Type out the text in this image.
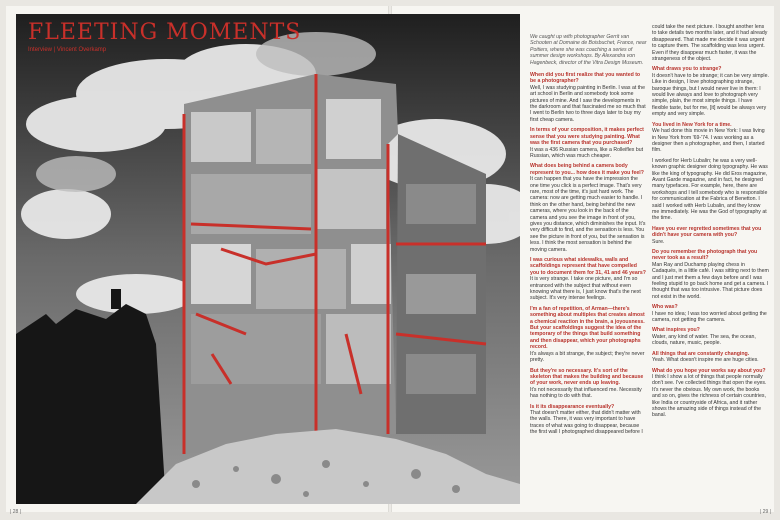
FLEETING MOMENTS
Interview | Vincent Overkamp

We caught up with photographer Gerrit van Schooten at Domaine de Boisbuchet, France, near Poitiers, where she was coaching a series of summer design workshops. By Alexandra von Hagenbeck, director of the Vitra Design Museum.

When did you first realize that you wanted to be a photographer?

Well, I was studying painting in Berlin. I was at the art school in Berlin and somebody took some pictures of mine. And I saw the developments in the darkroom and that fascinated me so much that I went to Berlin two to three days later to buy my first cheap camera.

In terms of your composition, it makes perfect sense that you were studying painting. What was the first camera that you purchased?

It was a 436 Russian camera, like a Rolleiflex but Russian, which was much cheaper.

What does being behind a camera body represent to you... how does it make you feel?

It can happen that you have the impression the one time you click is a perfect image. That's very rare, most of the time, it's just hard work. The camera: now are getting much easier to handle. I think on the other hand, being behind the new cameras, where you look in the back of the camera and you see the image in front of you, gives you distance, which diminishes the input. It's very difficult to find, and the sensation is less. You see the picture in front of you, but the sensation is less. I think the most sensation is behind the moving camera.

I was curious what sidewalks, walls and scaffoldings represent that have compelled you to document them for 31, 41 and 46 years?

It is very strange. I take one picture, and I'm so entranced with the subject that without even knowing what there is, I just know that's the next subject. It's very intense feelings.

I'm a fan of repetition, of Arman—there's something about multiples that creates almost a chemical reaction in the brain, a joyousness. But your scaffoldings suggest the idea of the temporary of the things that build something and then disappear, which your photographs record.

It's always a bit strange, the subject; they're never pretty.

But they're so necessary. It's sort of the skeleton that makes the building and because of your work, never ends up leaving.

It's not necessarily that influenced me. Necessity has nothing to do with that.

Is it its disappearance eventually?

That doesn't matter either, that didn't matter with the walls. There, it was very important to have traces of what was going to disappear, because the first wall I photographed disappeared before I

could take the next picture. I bought another lens to take details two months later, and it had already disappeared. That made me decide it was urgent to capture them. The scaffolding was less urgent. Even if they disappear much faster, it was the strangeness of the object.

What draws you to strange?

It doesn't have to be strange; it can be very simple. Like in design, I love photographing strange, baroque things, but I would never live in them: I would live always and love to photograph very simple, plain, the most simple things. I have flexible taste, but for me, [it] would be always very empty and very simple.

You lived in New York for a time.

We had done this movie in New York: I was living in New York from '69-'74. I was working as a designer then a photographer, and then, I started film.

I worked for Herb Lubalin; he was a very well-known graphic designer doing typography. He was like the king of typography. He did Eros magazine, Avant Garde magazine, and in fact, he designed many typefaces. For example, here, there are workshops and I tell somebody who is responsible for communication at the Fabrica of Benetton. I said I worked with Herb Lubalin, and they know me immediately. He was the God of typography at the time.

Have you ever regretted sometimes that you didn't have your camera with you?

Sure.

Do you remember the photograph that you never took as a result?

Man Ray and Duchamp playing chess in Cadaqués, in a little café. I was sitting next to them and I just met them a few days before and I was feeling stupid to go back home and get a camera. I thought that was too intrusive. That picture does not exist in the world.

Who was?

I have no idea; I was too worried about getting the camera, not getting the camera.

What inspires you?

Water, any kind of water. The sea, the ocean, clouds, nature, music, people.

All things that are constantly changing.

Yeah. What doesn't inspire me are huge cities.

What do you hope your works say about you?

I think I show a lot of things that people normally don't see. I've collected things that open the eyes. It's never the obvious. My own work, the books and so on, gives the richness of certain countries, like India or countryside of Africa, and it rather shows the amazing side of things instead of the banal.

| 28 |	| 29 |
